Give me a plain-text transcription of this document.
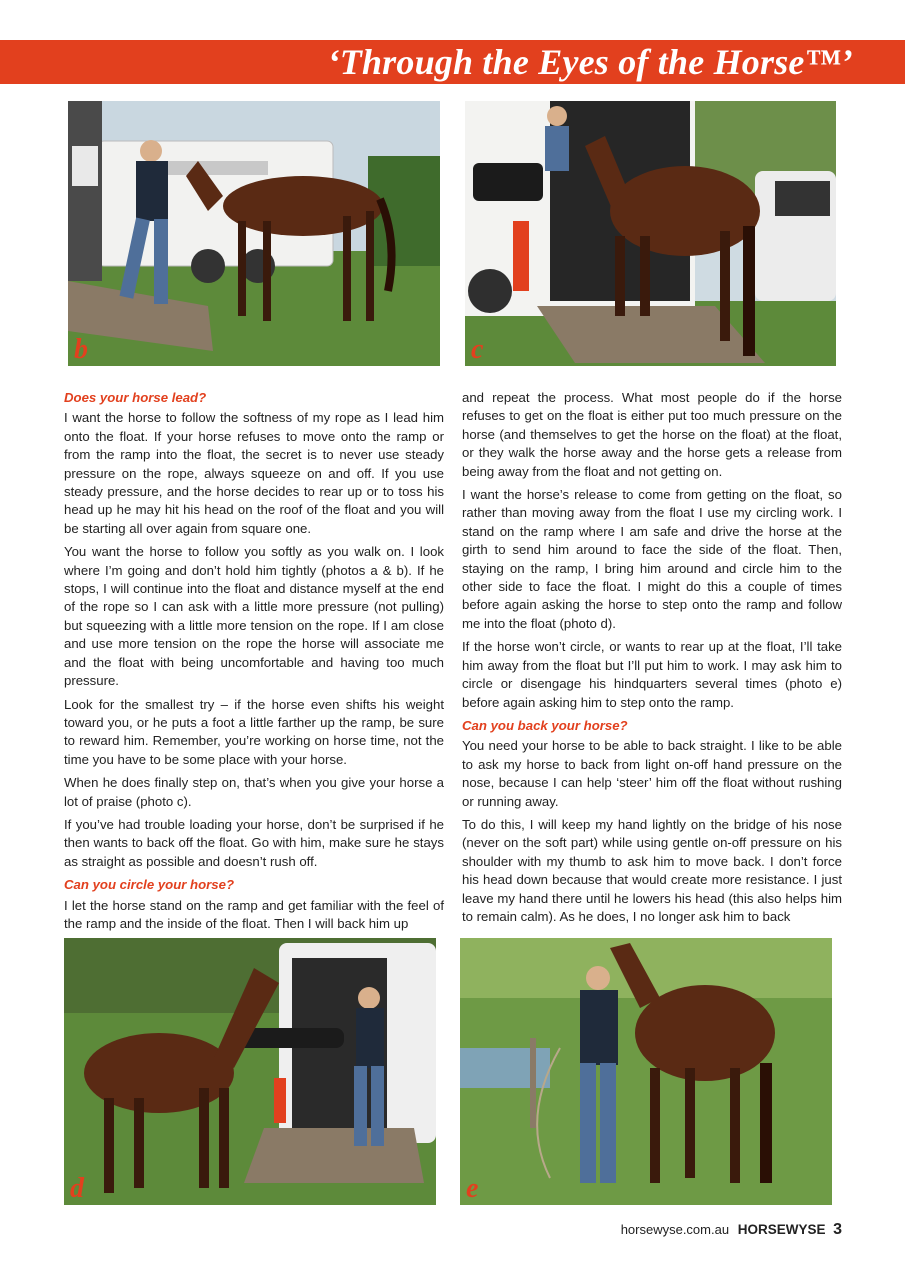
‘Through the Eyes of the Horse™’
b	c
Does your horse lead?

I want the horse to follow the softness of my rope as I lead him onto the float. If your horse refuses to move onto the ramp or from the ramp into the float, the secret is to never use steady pressure on the rope, always squeeze on and off. If you use steady pressure, and the horse decides to rear up or to toss his head up he may hit his head on the roof of the float and you will be starting all over again from square one.

You want the horse to follow you softly as you walk on. I look where I’m going and don’t hold him tightly (photos a & b). If he stops, I will continue into the float and distance myself at the end of the rope so I can ask with a little more pressure (not pulling) but squeezing with a little more tension on the rope. If I am close and use more tension on the rope the horse will associate me and the float with being uncomfortable and having too much pressure.

Look for the smallest try – if the horse even shifts his weight toward you, or he puts a foot a little farther up the ramp, be sure to reward him. Remember, you’re working on horse time, not the time you have to be some place with your horse.

When he does finally step on, that’s when you give your horse a lot of praise (photo c).

If you’ve had trouble loading your horse, don’t be surprised if he then wants to back off the float. Go with him, make sure he stays as straight as possible and doesn’t rush off.

Can you circle your horse?

I let the horse stand on the ramp and get familiar with the feel of the ramp and the inside of the float. Then I will back him up

and repeat the process. What most people do if the horse refuses to get on the float is either put too much pressure on the horse (and themselves to get the horse on the float) at the float, or they walk the horse away and the horse gets a release from being away from the float and not getting on.

I want the horse’s release to come from getting on the float, so rather than moving away from the float I use my circling work. I stand on the ramp where I am safe and drive the horse at the girth to send him around to face the side of the float. Then, staying on the ramp, I bring him around and circle him to the other side to face the float. I might do this a couple of times before again asking the horse to step onto the ramp and follow me into the float (photo d).

If the horse won’t circle, or wants to rear up at the float, I’ll take him away from the float but I’ll put him to work. I may ask him to circle or disengage his hindquarters several times (photo e) before again asking him to step onto the ramp.

Can you back your horse?

You need your horse to be able to back straight. I like to be able to ask my horse to back from light on-off hand pressure on the nose, because I can help ‘steer’ him off the float without rushing or running away.

To do this, I will keep my hand lightly on the bridge of his nose (never on the soft part) while using gentle on-off pressure on his shoulder with my thumb to ask him to move back. I don’t force his head down because that would create more resistance. I just leave my hand there until he lowers his head (this also helps him to remain calm). As he does, I no longer ask him to back

d	e
horsewyse.com.au HORSEWYSE 3
